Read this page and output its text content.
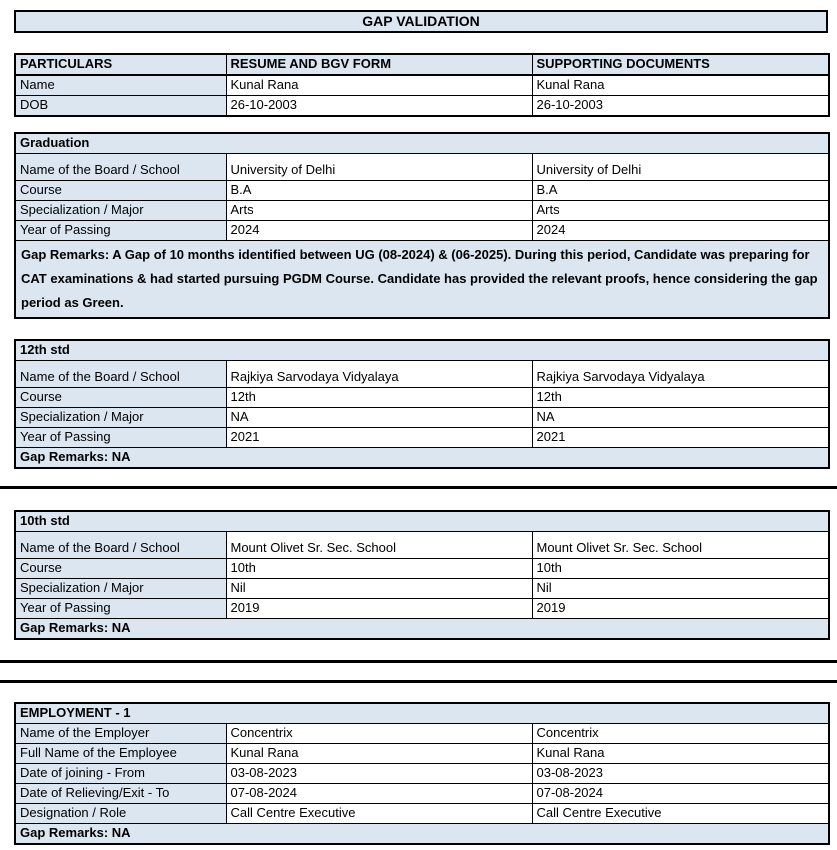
GAP VALIDATION
PARTICULARS	RESUME AND BGV FORM	SUPPORTING DOCUMENTS
Name	Kunal Rana	Kunal Rana
DOB	26-10-2003	26-10-2003
Graduation		
Name of the Board / School	University of Delhi	University of Delhi
Course	B.A	B.A
Specialization / Major	Arts	Arts
Year of Passing	2024	2024
Gap Remarks: A Gap of 10 months identified between UG (08-2024) & (06-2025). During this period, Candidate was preparing for CAT examinations & had started pursuing PGDM Course. Candidate has provided the relevant proofs, hence considering the gap period as Green.		
12th std		
Name of the Board / School	Rajkiya Sarvodaya Vidyalaya	Rajkiya Sarvodaya Vidyalaya
Course	12th	12th
Specialization / Major	NA	NA
Year of Passing	2021	2021
Gap Remarks: NA		
10th std		
Name of the Board / School	Mount Olivet Sr. Sec. School	Mount Olivet Sr. Sec. School
Course	10th	10th
Specialization / Major	Nil	Nil
Year of Passing	2019	2019
Gap Remarks: NA		
EMPLOYMENT - 1		
Name of the Employer	Concentrix	Concentrix
Full Name of the Employee	Kunal Rana	Kunal Rana
Date of joining - From	03-08-2023	03-08-2023
Date of Relieving/Exit - To	07-08-2024	07-08-2024
Designation / Role	Call Centre Executive	Call Centre Executive
Gap Remarks: NA		
